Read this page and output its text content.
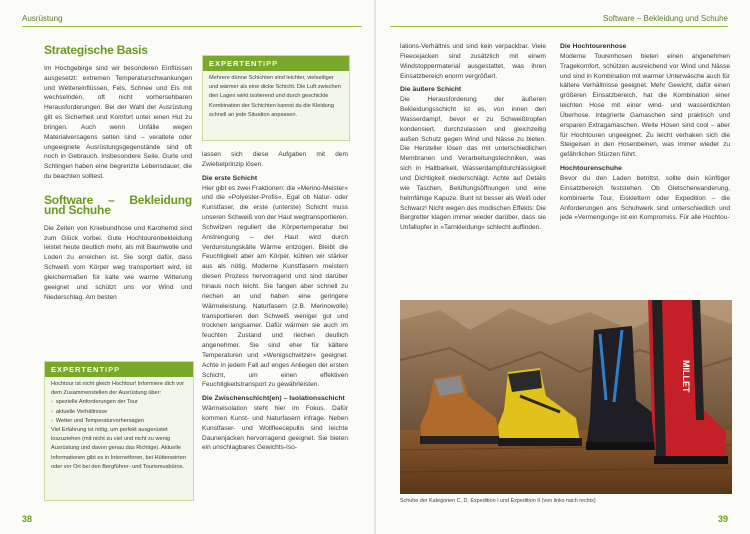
Ausrüstung
Strategische Basis

Im Hochgebirge sind wir besonderen Einflüssen ausgesetzt: extremen Temperaturschwankungen und Wettereinflüssen, Fels, Schnee und Eis mit wechselnden, oft nicht vorhersehbaren Herausforderungen. Bei der Wahl der Ausrüstung gilt es Sicherheit und Komfort unter einen Hut zu bringen. Auch wenn Unfälle wegen Materialversagens selten sind – veraltete oder ungeeignete Ausrüstungsgegenstände sind oft noch in Gebrauch. Insbesondere Seile, Gurte und Schlingen haben eine begrenzte Lebensdauer, die du beachten solltest.

Software – Bekleidung und Schuhe

Die Zeiten von Kniebundhose und Karohemd sind zum Glück vorbei. Gute Hochtourenbekleidung leistet heute deutlich mehr, als mit Baumwolle und Loden zu erreichen ist. Sie sorgt dafür, dass Schweiß vom Körper weg transportiert wird, ist gleichermaßen für kalte wie warme Witterung geeignet und schützt uns vor Wind und Niederschlag. Am besten

EXPERTENTIPP
Mehrere dünne Schichten sind leichter, vielseitiger und wärmer als eine dicke Schicht. Die Luft zwischen den Lagen wirkt isolierend und durch geschickte Kombination der Schichten kannst du die Kleidung schnell an jede Situation anpassen.
EXPERTENTIPP
Hochtour ist nicht gleich Hochtour! Informiere dich vor dem Zusammenstellen der Ausrüstung über:
› spezielle Anforderungen der Tour
› aktuelle Verhältnisse
› Wetter und Temperaturvorhersagen
Viel Erfahrung ist nötig, um perfekt ausgerüstet loszuziehen (mit nicht zu viel und nicht zu wenig Ausrüstung und davon genau das Richtige). Aktuelle Informationen gibt es in Internetforen, bei Hüttenwirten oder vor Ort bei den Bergführer- und Tourismusbüros.

lassen sich diese Aufgaben mit dem Zwiebelprinzip lösen.

Die erste Schicht

Hier gibt es zwei Fraktionen: die »Merino-Meister« und die »Polyester-Profis«. Egal ob Natur- oder Kunstfaser, die erste (unterste) Schicht muss unseren Schweiß von der Haut wegtransportieren. Schwitzen reguliert die Körpertemperatur bei Anstrengung – der Haut wird durch Verdunstungskälte Wärme entzogen. Bleibt die Feuchtigkeit aber am Körper, kühlen wir stärker aus als nötig. Moderne Kunstfasern meistern diesen Prozess hervorragend und sind darüber hinaus noch leicht. Sie fangen aber schnell zu riechen an und haben eine geringere Wärmeleistung. Naturfasern (z.B. Merinowolle) transportieren den Schweiß weniger gut und trocknen langsamer. Dafür wärmen sie auch im feuchten Zustand und riechen deutlich angenehmer. Sie sind eher für kältere Temperaturen und »Wenigschwitzer« geeignet. Achte in jedem Fall auf enges Anliegen der ersten Schicht, um einen effektiven Feuchtigkeitstransport zu gewährleisten.

Die Zwischenschicht(en) – Isolationsschicht

Wärmeisolation steht hier im Fokus. Dafür kommen Kunst- und Naturfasern infrage. Neben Kunstfaser- und Wollfleecepullis sind leichte Daunenjacken hervorragend geeignet. Sie bieten ein unschlagbares Gewichts-Iso-

38
Software – Bekleidung und Schuhe

lations-Verhältnis und sind kein verpackbar. Viele Fleecejacken sind zusätzlich mit einem Windstoppermaterial ausgestattet, was ihren Einsatzbereich enorm vergrößert.

Die äußere Schicht

Die Herausforderung der äußeren Bekleidungsschicht ist es, von innen den Wasserdampf, bevor er zu Schweißtropfen kondensiert, durchzulassen und gleichzeitig außen Schutz gegen Wind und Nässe zu bieten. Die Hersteller lösen das mit unterschiedlichen Membranen und Verarbeitungstechniken, was sich in Haltbarkeit, Wasserdampfdurchlässigkeit und Dichtigkeit niederschlägt. Achte auf Details wie Taschen, Belüftungsöffnungen und eine helmfähige Kapuze. Bunt ist besser als Weiß oder Schwarz! Nicht wegen des modischen Effekts: Die Bergretter klagen immer wieder darüber, dass sie Unfallopfer in »Tarnkleidung« schlecht auffinden.

Die Hochtourenhose

Moderne Tourenhosen bieten einen angenehmen Tragekomfort, schützen ausreichend vor Wind und Nässe und sind in Kombination mit warmer Unterwäsche auch für kältere Verhältnisse geeignet. Mehr Gewicht, dafür einen größeren Einsatzbereich, hat die Kombination einer leichten Hose mit einer wind- und wasserdichten Überhose. Integrierte Gamaschen sind praktisch und ersparen Extragamaschen. Weite Hosen sind cool – aber für Hochtouren ungeeignet: Zu leicht verhaken sich die Steigeisen in den Hosenbeinen, was immer wieder zu gefährlichen Stürzen führt.

Hochtourenschuhe

Bevor du den Laden betrittst, sollte dein künftiger Einsatzbereich feststehen. Ob Gletscherwanderung, kombinierte Tour, Eisklettern oder Expedition – die Anforderungen ans Schuhwerk sind unterschiedlich und jede »Vermengung« ist ein Kompromiss. Für alle Hochtou-

MILLET
Schuhe der Kategorien C, D, Expedition I und Expedition II (von links nach rechts)
39
